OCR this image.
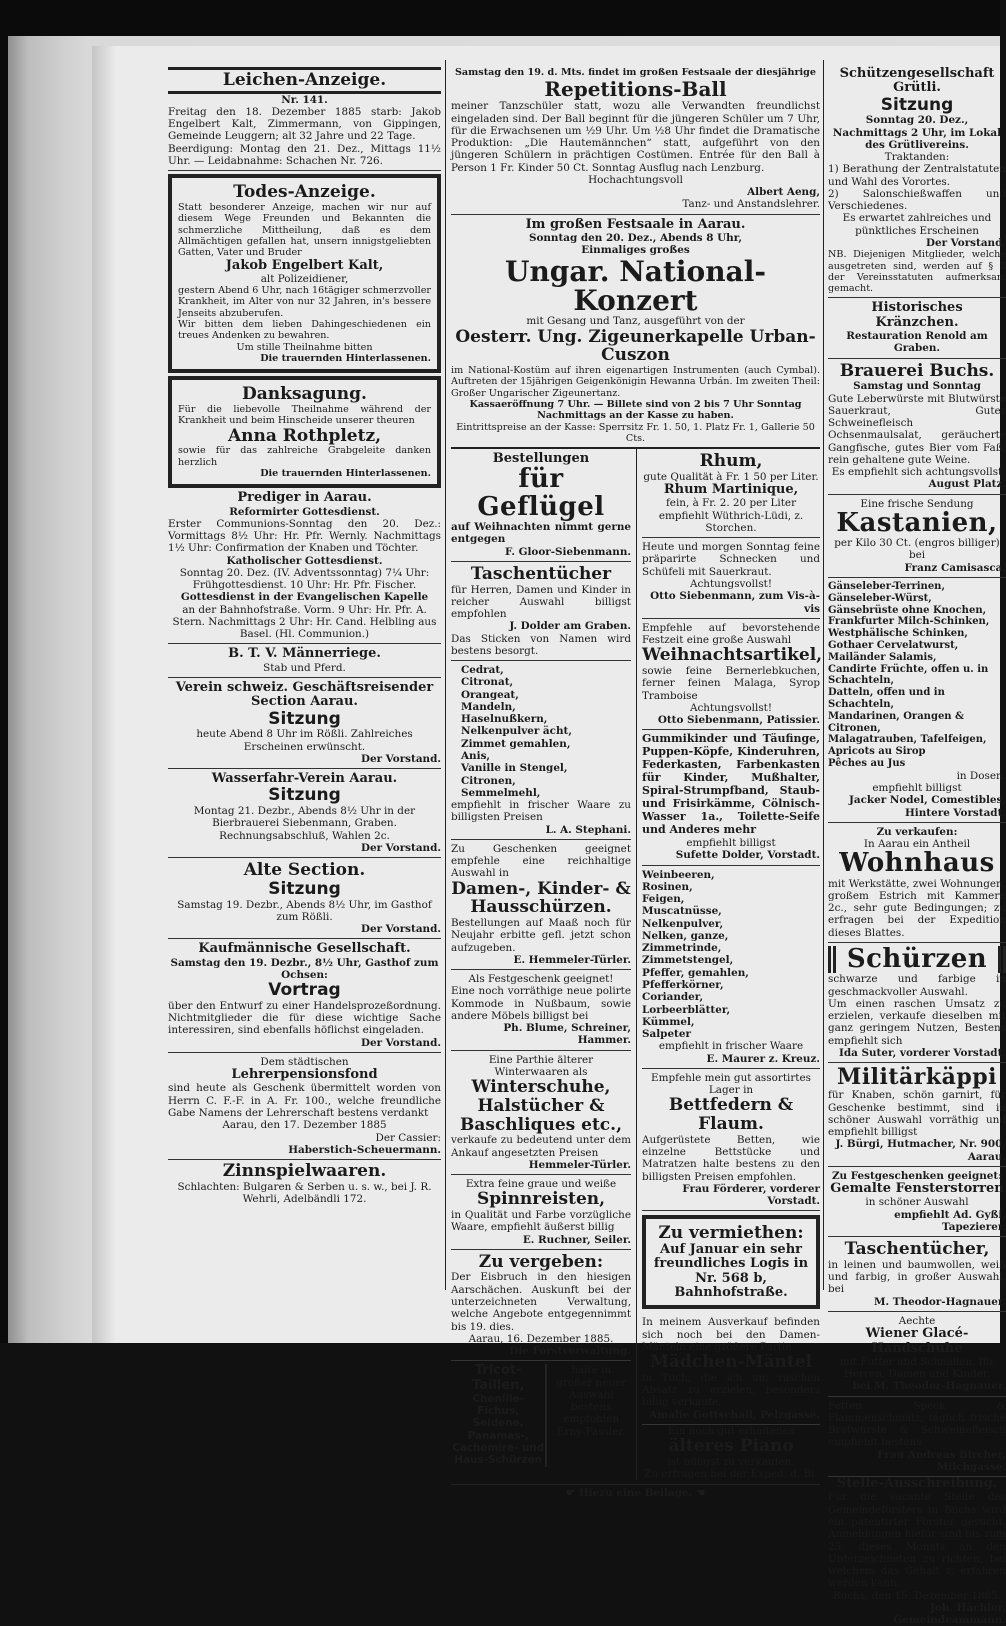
Leichen-Anzeige.
Nr. 141.
Freitag den 18. Dezember 1885 starb: Jakob Engelbert Kalt, Zimmermann, von Gippingen, Gemeinde Leuggern; alt 32 Jahre und 22 Tage.
Beerdigung: Montag den 21. Dez., Mittags 11½ Uhr. — Leidabnahme: Schachen Nr. 726.
Todes-Anzeige.
Statt besonderer Anzeige, machen wir nur auf diesem Wege Freunden und Bekannten die schmerzliche Mittheilung, daß es dem Allmächtigen gefallen hat, unsern innigstgeliebten Gatten, Vater und Bruder
Jakob Engelbert Kalt,
alt Polizeidiener,
gestern Abend 6 Uhr, nach 16tägiger schmerzvoller Krankheit, im Alter von nur 32 Jahren, in's bessere Jenseits abzuberufen.
Wir bitten dem lieben Dahingeschiedenen ein treues Andenken zu bewahren.
Um stille Theilnahme bitten
Die trauernden Hinterlassenen.
Danksagung.
Für die liebevolle Theilnahme während der Krankheit und beim Hinscheide unserer theuren
Anna Rothpletz,
sowie für das zahlreiche Grabgeleite danken herzlich
Die trauernden Hinterlassenen.
Prediger in Aarau.
Reformirter Gottesdienst.
Erster Communions-Sonntag den 20. Dez.: Vormittags 8½ Uhr: Hr. Pfr. Wernly. Nachmittags 1½ Uhr: Confirmation der Knaben und Töchter.
Katholischer Gottesdienst.
Sonntag 20. Dez. (IV. Adventssonntag) 7¼ Uhr: Frühgottesdienst. 10 Uhr: Hr. Pfr. Fischer.
Gottesdienst in der Evangelischen Kapelle
an der Bahnhofstraße. Vorm. 9 Uhr: Hr. Pfr. A. Stern. Nachmittags 2 Uhr: Hr. Cand. Helbling aus Basel. (Hl. Communion.)
B. T. V. Männerriege.
Stab und Pferd.
Verein schweiz. Geschäftsreisender
Section Aarau.
Sitzung
heute Abend 8 Uhr im Rößli. Zahlreiches Erscheinen erwünscht.
Der Vorstand.
Wasserfahr-Verein Aarau.
Sitzung
Montag 21. Dezbr., Abends 8½ Uhr in der Bierbrauerei Siebenmann, Graben. Rechnungsabschluß, Wahlen 2c.
Der Vorstand.
Alte Section.
Sitzung
Samstag 19. Dezbr., Abends 8½ Uhr, im Gasthof zum Rößli.
Der Vorstand.
Kaufmännische Gesellschaft.
Samstag den 19. Dezbr., 8½ Uhr, Gasthof zum Ochsen:
Vortrag
über den Entwurf zu einer Handelsprozeßordnung. Nichtmitglieder die für diese wichtige Sache interessiren, sind ebenfalls höflichst eingeladen.
Der Vorstand.
Dem städtischen
Lehrerpensionsfond
sind heute als Geschenk übermittelt worden von Herrn C. F.-F. in A. Fr. 100., welche freundliche Gabe Namens der Lehrerschaft bestens verdankt
Aarau, den 17. Dezember 1885
Der Cassier:
Haberstich-Scheuermann.
Zinnspielwaaren.
Schlachten: Bulgaren & Serben u. s. w., bei J. R. Wehrli, Adelbändli 172.
Samstag den 19. d. Mts. findet im großen Festsaale der diesjährige
Repetitions-Ball
meiner Tanzschüler statt, wozu alle Verwandten freundlichst eingeladen sind. Der Ball beginnt für die jüngeren Schüler um 7 Uhr, für die Erwachsenen um ½9 Uhr. Um ½8 Uhr findet die Dramatische Produktion: „Die Hautemännchen“ statt, aufgeführt von den jüngeren Schülern in prächtigen Costümen. Entrée für den Ball à Person 1 Fr. Kinder 50 Ct. Sonntag Ausflug nach Lenzburg.
Hochachtungsvoll
Albert Aeng,
Tanz- und Anstandslehrer.
Im großen Festsaale in Aarau.
Sonntag den 20. Dez., Abends 8 Uhr,
Einmaliges großes
Ungar. National-Konzert
mit Gesang und Tanz, ausgeführt von der
Oesterr. Ung. Zigeunerkapelle Urban-Cuszon
im National-Kostüm auf ihren eigenartigen Instrumenten (auch Cymbal). Auftreten der 15jährigen Geigenkönigin Hewanna Urbán. Im zweiten Theil: Großer Ungarischer Zigeunertanz.
Kassaeröffnung 7 Uhr. — Billete sind von 2 bis 7 Uhr Sonntag Nachmittags an der Kasse zu haben.
Eintrittspreise an der Kasse: Sperrsitz Fr. 1. 50, 1. Platz Fr. 1, Gallerie 50 Cts.
Bestellungen
für Geflügel
auf Weihnachten nimmt gerne entgegen
F. Gloor-Siebenmann.
Taschentücher
für Herren, Damen und Kinder in reicher Auswahl billigst empfohlen
J. Dolder am Graben.
Das Sticken von Namen wird bestens besorgt.
Cedrat,
Citronat,
Orangeat,
Mandeln,
Haselnußkern,
Nelkenpulver ächt,
Zimmet gemahlen,
Anis,
Vanille in Stengel,
Citronen,
Semmelmehl,
empfiehlt in frischer Waare zu billigsten Preisen
L. A. Stephani.
Zu Geschenken geeignet empfehle eine reichhaltige Auswahl in
Damen-, Kinder- & Hausschürzen.
Bestellungen auf Maaß noch für Neujahr erbitte gefl. jetzt schon aufzugeben.
E. Hemmeler-Türler.
Als Festgeschenk geeignet!
Eine noch vorräthige neue polirte Kommode in Nußbaum, sowie andere Möbels billigst bei
Ph. Blume, Schreiner, Hammer.
Eine Parthie älterer Winterwaaren als
Winterschuhe, Halstücher & Baschliques etc.,
verkaufe zu bedeutend unter dem Ankauf angesetzten Preisen
Hemmeler-Türler.
Extra feine graue und weiße
Spinnreisten,
in Qualität und Farbe vorzügliche Waare, empfiehlt äußerst billig
E. Ruchner, Seiler.
Zu vergeben:
Der Eisbruch in den hiesigen Aarschächen. Auskunft bei der unterzeichneten Verwaltung, welche Angebote entgegennimmt bis 19. dies.
Aarau, 16. Dezember 1885.
Die Forstverwaltung.
Tricot-Taillen,
Chenille-
Fichus,
Seidene,
Panamas-,
Cachemire- und
Haus-Schürzen
halte in
großer neuer
Auswahl
bestens empfohlen
Erny-Fassler.
Rhum,
gute Qualität à Fr. 1 50 per Liter.
Rhum Martinique,
fein, à Fr. 2. 20 per Liter
empfiehlt Wüthrich-Lüdi, z. Storchen.
Heute und morgen Sonntag feine präparirte Schnecken und Schüfeli mit Sauerkraut.
Achtungsvollst!
Otto Siebenmann, zum Vis-à-vis
Empfehle auf bevorstehende Festzeit eine große Auswahl
Weihnachtsartikel,
sowie feine Bernerlebkuchen, ferner feinen Malaga, Syrop Tramboise
Achtungsvollst!
Otto Siebenmann, Patissier.
Gummikinder und Täufinge, Puppen-Köpfe, Kinderuhren, Federkasten, Farbenkasten für Kinder, Mußhalter, Spiral-Strumpfband, Staub- und Frisirkämme, Cölnisch-Wasser 1a., Toilette-Seife und Anderes mehr
empfiehlt billigst
Sufette Dolder, Vorstadt.
Weinbeeren,
Rosinen,
Feigen,
Muscatnüsse,
Nelkenpulver,
Nelken, ganze,
Zimmetrinde,
Zimmetstengel,
Pfeffer, gemahlen,
Pfefferkörner,
Coriander,
Lorbeerblätter,
Kümmel,
Salpeter
empfiehlt in frischer Waare
E. Maurer z. Kreuz.
Empfehle mein gut assortirtes Lager in
Bettfedern & Flaum.
Aufgerüstete Betten, wie einzelne Bettstücke und Matratzen halte bestens zu den billigsten Preisen empfohlen.
Frau Förderer, vorderer Vorstadt.
Zu vermiethen:
Auf Januar ein sehr freundliches Logis in Nr. 568 b, Bahnhofstraße.
In meinem Ausverkauf befinden sich noch bei den Damen-Mänteln eine größere Partie
Mädchen-Mäntel
in Tuch, die ich um raschen Absatz zu erzielen, besonders billig verkaufe.
Amalie Gottschall, Pelzgasse.
Ein noch gut erhaltenes
älteres Piano
ist billigst zu verkaufen.
Zu erfragen bei der Exped. d. Bl.
☛ Hiezu eine Beilage. ☚
Schützengesellschaft Grütli.
Sitzung
Sonntag 20. Dez., Nachmittags 2 Uhr, im Lokal des Grütlivereins.
Traktanden:
1) Berathung der Zentralstatuten und Wahl des Vorortes.
2) Salonschießwaffen und Verschiedenes.
Es erwartet zahlreiches und pünktliches Erscheinen
Der Vorstand.
NB. Diejenigen Mitglieder, welche ausgetreten sind, werden auf § 3 der Vereinsstatuten aufmerksam gemacht.
Historisches Kränzchen.
Restauration Renold am Graben.
Brauerei Buchs.
Samstag und Sonntag
Gute Leberwürste mit Blutwürste Sauerkraut, Gutes Schweinefleisch Ochsenmaulsalat, geräucherte Gangfische, gutes Bier vom Faß, rein gehaltene gute Weine.
Es empfiehlt sich achtungsvollst
August Platz.
Eine frische Sendung
Kastanien,
per Kilo 30 Ct. (engros billiger) bei
Franz Camisasca.
Gänseleber-Terrinen,
Gänseleber-Würst,
Gänsebrüste ohne Knochen,
Frankfurter Milch-Schinken,
Westphälische Schinken,
Gothaer Cervelatwurst,
Mailänder Salamis,
Candirte Früchte, offen u. in Schachteln,
Datteln, offen und in Schachteln,
Mandarinen, Orangen & Citronen,
Malagatrauben, Tafelfeigen,
Apricots au Sirop
Pêches au Jus
in Dosen.
empfiehlt billigst
Jacker Nodel, Comestibles, Hintere Vorstadt.
Zu verkaufen:
In Aarau ein Antheil
Wohnhaus
mit Werkstätte, zwei Wohnungen, großem Estrich mit Kammern 2c., sehr gute Bedingungen; zu erfragen bei der Expedition dieses Blattes.
Schürzen
schwarze und farbige in geschmackvoller Auswahl.
Um einen raschen Umsatz zu erzielen, verkaufe dieselben mit ganz geringem Nutzen, Bestens empfiehlt sich
Ida Suter, vorderer Vorstadt.
Militärkäppi
für Knaben, schön garnirt, für Geschenke bestimmt, sind in schöner Auswahl vorräthig und empfiehlt billigst
J. Bürgi, Hutmacher, Nr. 900, Aarau.
Zu Festgeschenken geeignet:
Gemalte Fensterstorren
in schöner Auswahl
empfiehlt Ad. Gyßi, Tapezierer.
Taschentücher,
in leinen und baumwollen, weiß und farbig, in großer Auswahl, bei
M. Theodor-Hagnauer.
Aechte
Wiener Glacé-Handschuhe
mit Futter und Schnallen, für Herren, Damen und Kinder,
bei M. Theodor-Hagnauer.
Fetten Speck & Flammenschmalz, täglich frische Bratwürste & Schweinefleisch empfiehlt bestens
Frau Andreas Bircher, Milchgasse.
Stelle-Ausschreibung.
Für die vacante Stelle des Gemeindeförsters in Buchs wird ein patentirter Förster gesucht. Anmeldungen hiefür sind bis zum 25. dieses Monats an den Unterzeichneten zu richten, bei welchem das Gehalt z. erfahren werden kann.
Buchs, den 15. Dezember 1885.
Joh. Hächler, Gemeindeammann.
